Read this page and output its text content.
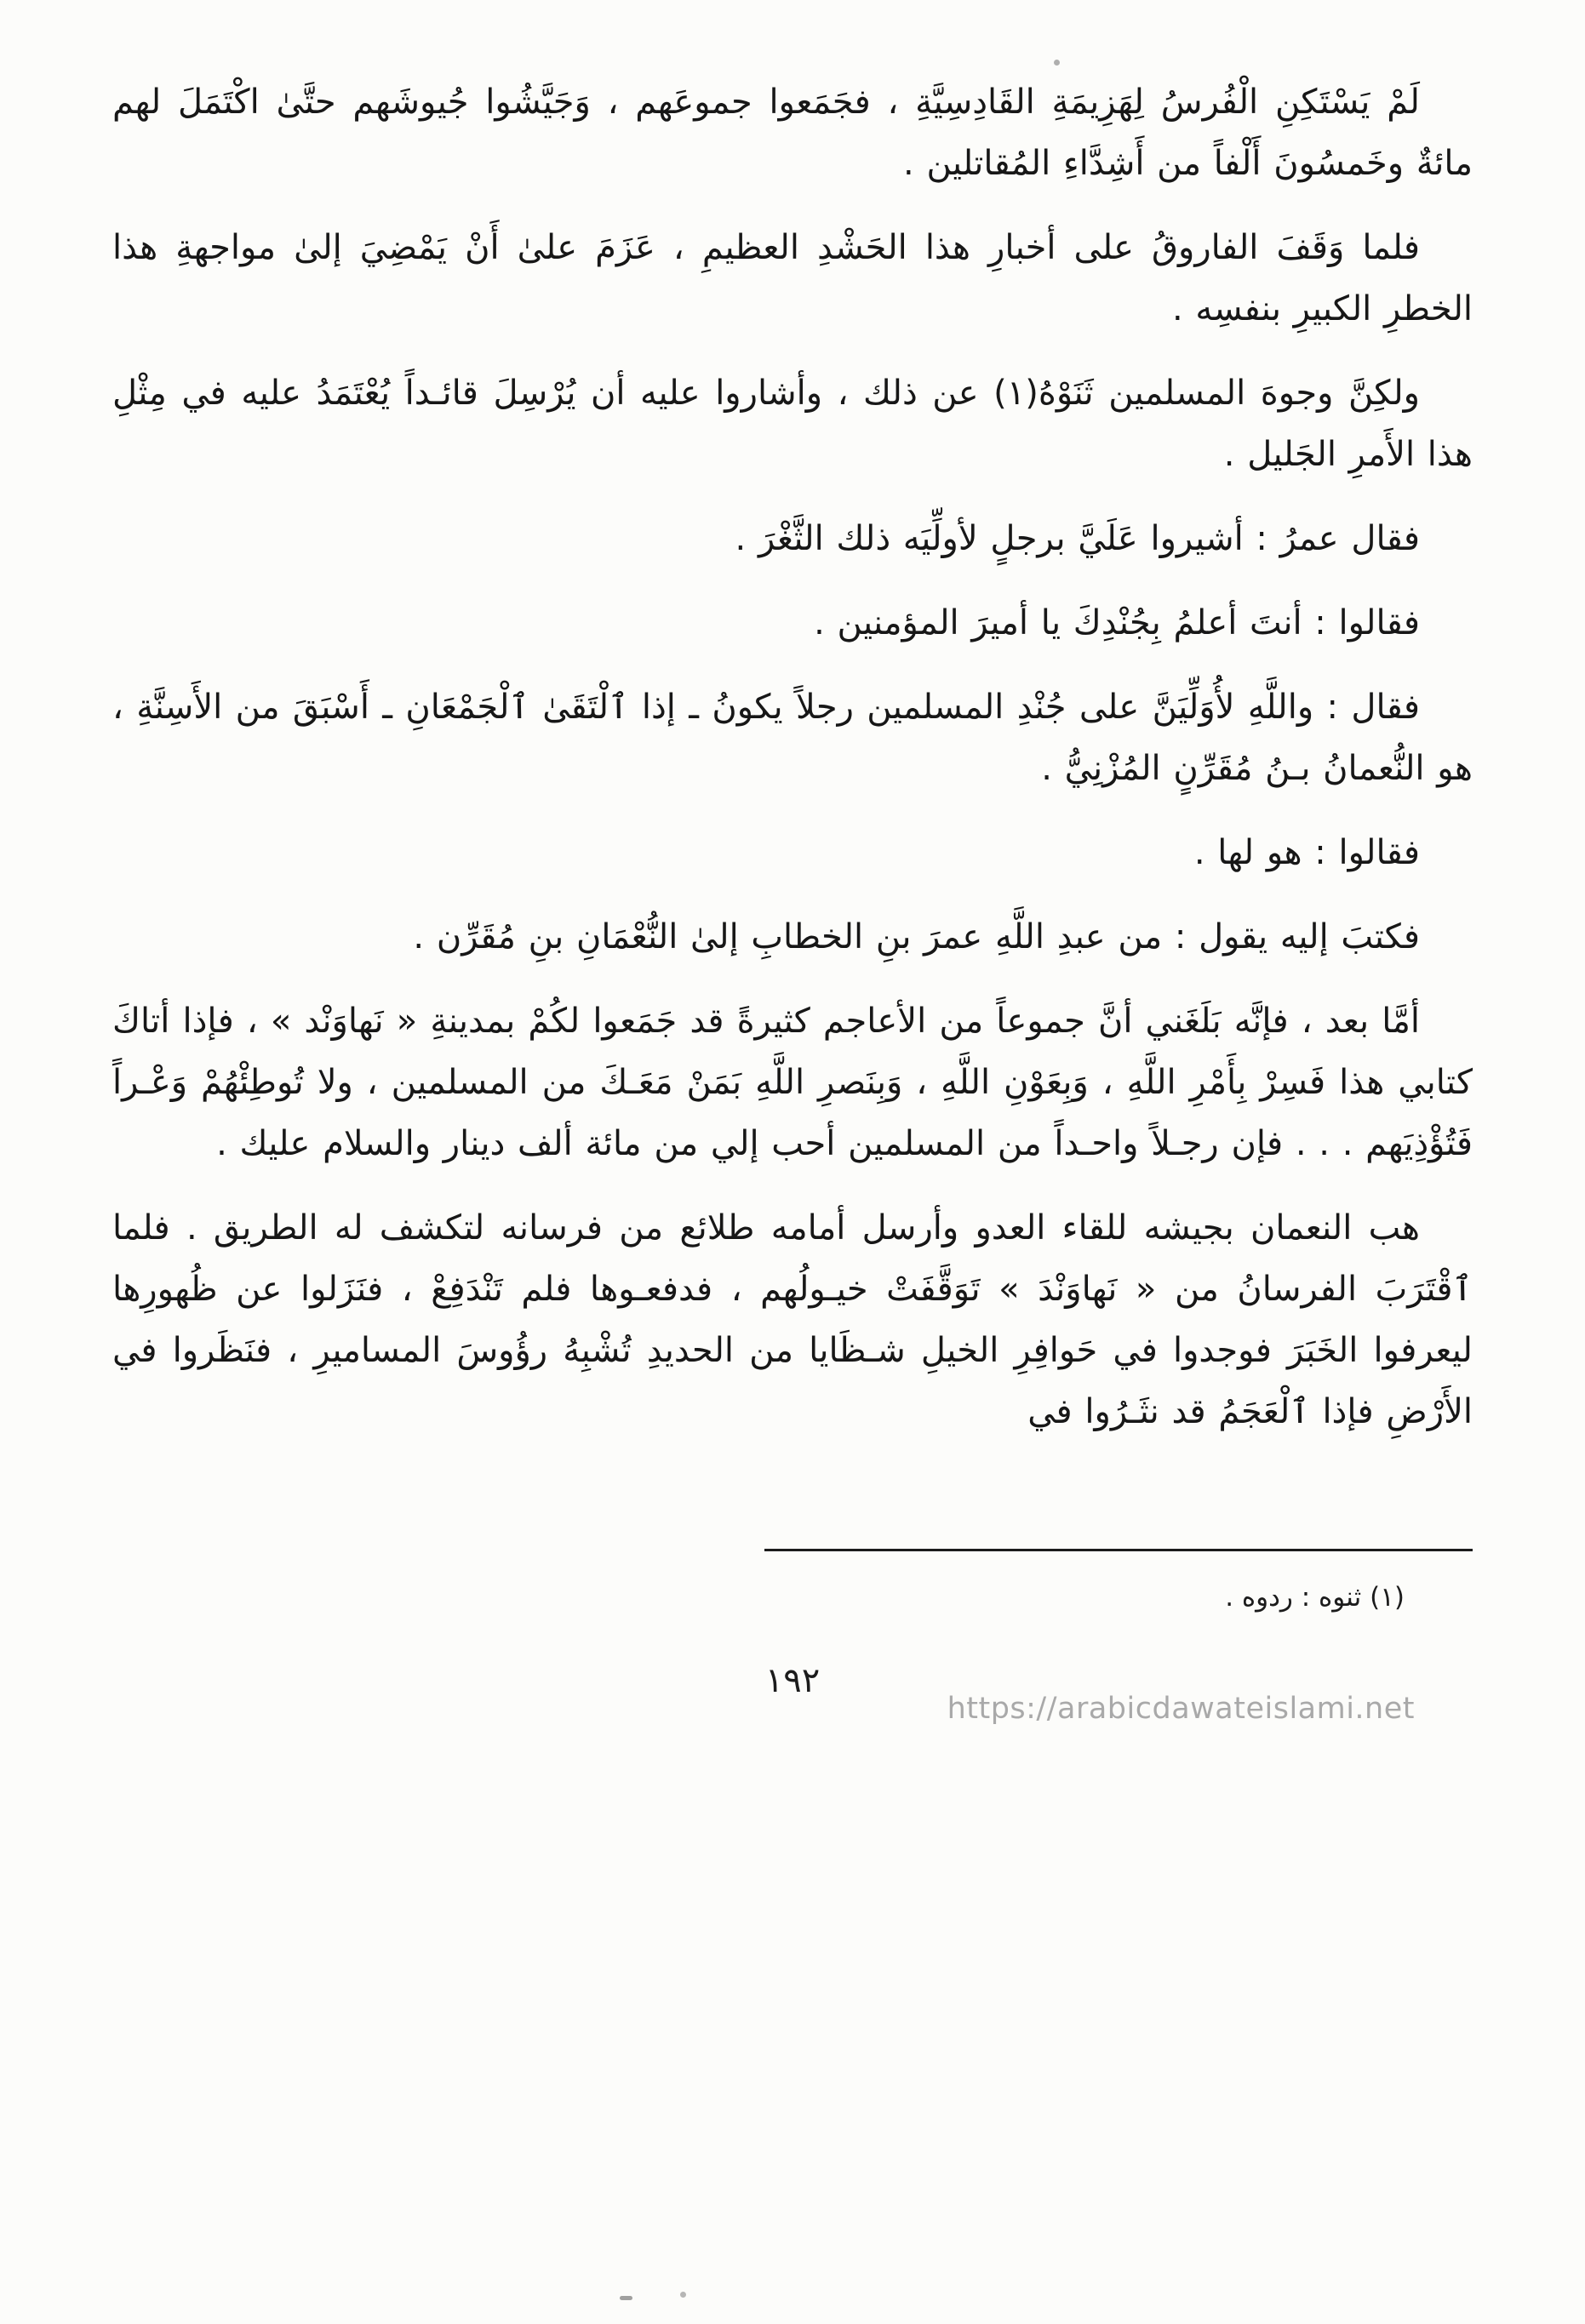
لَمْ يَسْتَكِنِ الْفُرسُ لِهَزِيمَةِ القَادِسِيَّةِ ، فجَمَعوا جموعَهم ، وَجَيَّشُوا جُيوشَهم حتَّىٰ اكْتَمَلَ لهم مائةٌ وخَمسُونَ أَلْفاً من أَشِدَّاءِ المُقاتلين .

فلما وَقَفَ الفاروقُ على أخبارِ هذا الحَشْدِ العظيمِ ، عَزَمَ علىٰ أَنْ يَمْضِيَ إلىٰ مواجهةِ هذا الخطرِ الكبيرِ بنفسِه .

ولكِنَّ وجوهَ المسلمين ثَنَوْهُ(١) عن ذلك ، وأشاروا عليه أن يُرْسِلَ قائـداً يُعْتَمَدُ عليه في مِثْلِ هذا الأَمرِ الجَليل .

فقال عمرُ : أشيروا عَلَيَّ برجلٍ لأولِّيَه ذلك الثَّغْرَ .

فقالوا : أنتَ أعلمُ بِجُنْدِكَ يا أميرَ المؤمنين .

فقال : واللَّهِ لأُوَلِّيَنَّ على جُنْدِ المسلمين رجلاً يكونُ ـ إذا ٱلْتَقَىٰ ٱلْجَمْعَانِ ـ أَسْبَقَ من الأَسِنَّةِ ، هو النُّعمانُ بـنُ مُقَرِّنٍ المُزْنِيُّ .

فقالوا : هو لها .

فكتبَ إليه يقول : من عبدِ اللَّهِ عمرَ بنِ الخطابِ إلىٰ النُّعْمَانِ بنِ مُقَرِّن .

أمَّا بعد ، فإنَّه بَلَغَني أنَّ جموعاً من الأعاجم كثيرةً قد جَمَعوا لكُمْ بمدينةِ « نَهاوَنْد » ، فإذا أتاكَ كتابي هذا فَسِرْ بِأَمْرِ اللَّهِ ، وَبِعَوْنِ اللَّهِ ، وَبِنَصرِ اللَّهِ بَمَنْ مَعَـكَ من المسلمين ، ولا تُوطِئْهُمْ وَعْـراً فَتُؤْذِيَهم . . . فإن رجـلاً واحـداً من المسلمين أحب إلي من مائة ألف دينار والسلام عليك .

هب النعمان بجيشه للقاء العدو وأرسل أمامه طلائع من فرسانه لتكشف له الطريق . فلما ٱقْتَرَبَ الفرسانُ من « نَهاوَنْدَ » تَوَقَّفَتْ خيـولُهم ، فدفعـوها فلم تَنْدَفِعْ ، فنَزَلوا عن ظُهورِها ليعرفوا الخَبَرَ فوجدوا في حَوافِرِ الخيلِ شـظَايا من الحديدِ تُشْبِهُ رؤُوسَ المساميرِ ، فنَظَروا في الأَرْضِ فإذا ٱلْعَجَمُ قد نثَـرُوا في

(١) ثنوه : ردوه .
١٩٢
https://arabicdawateislami.net
